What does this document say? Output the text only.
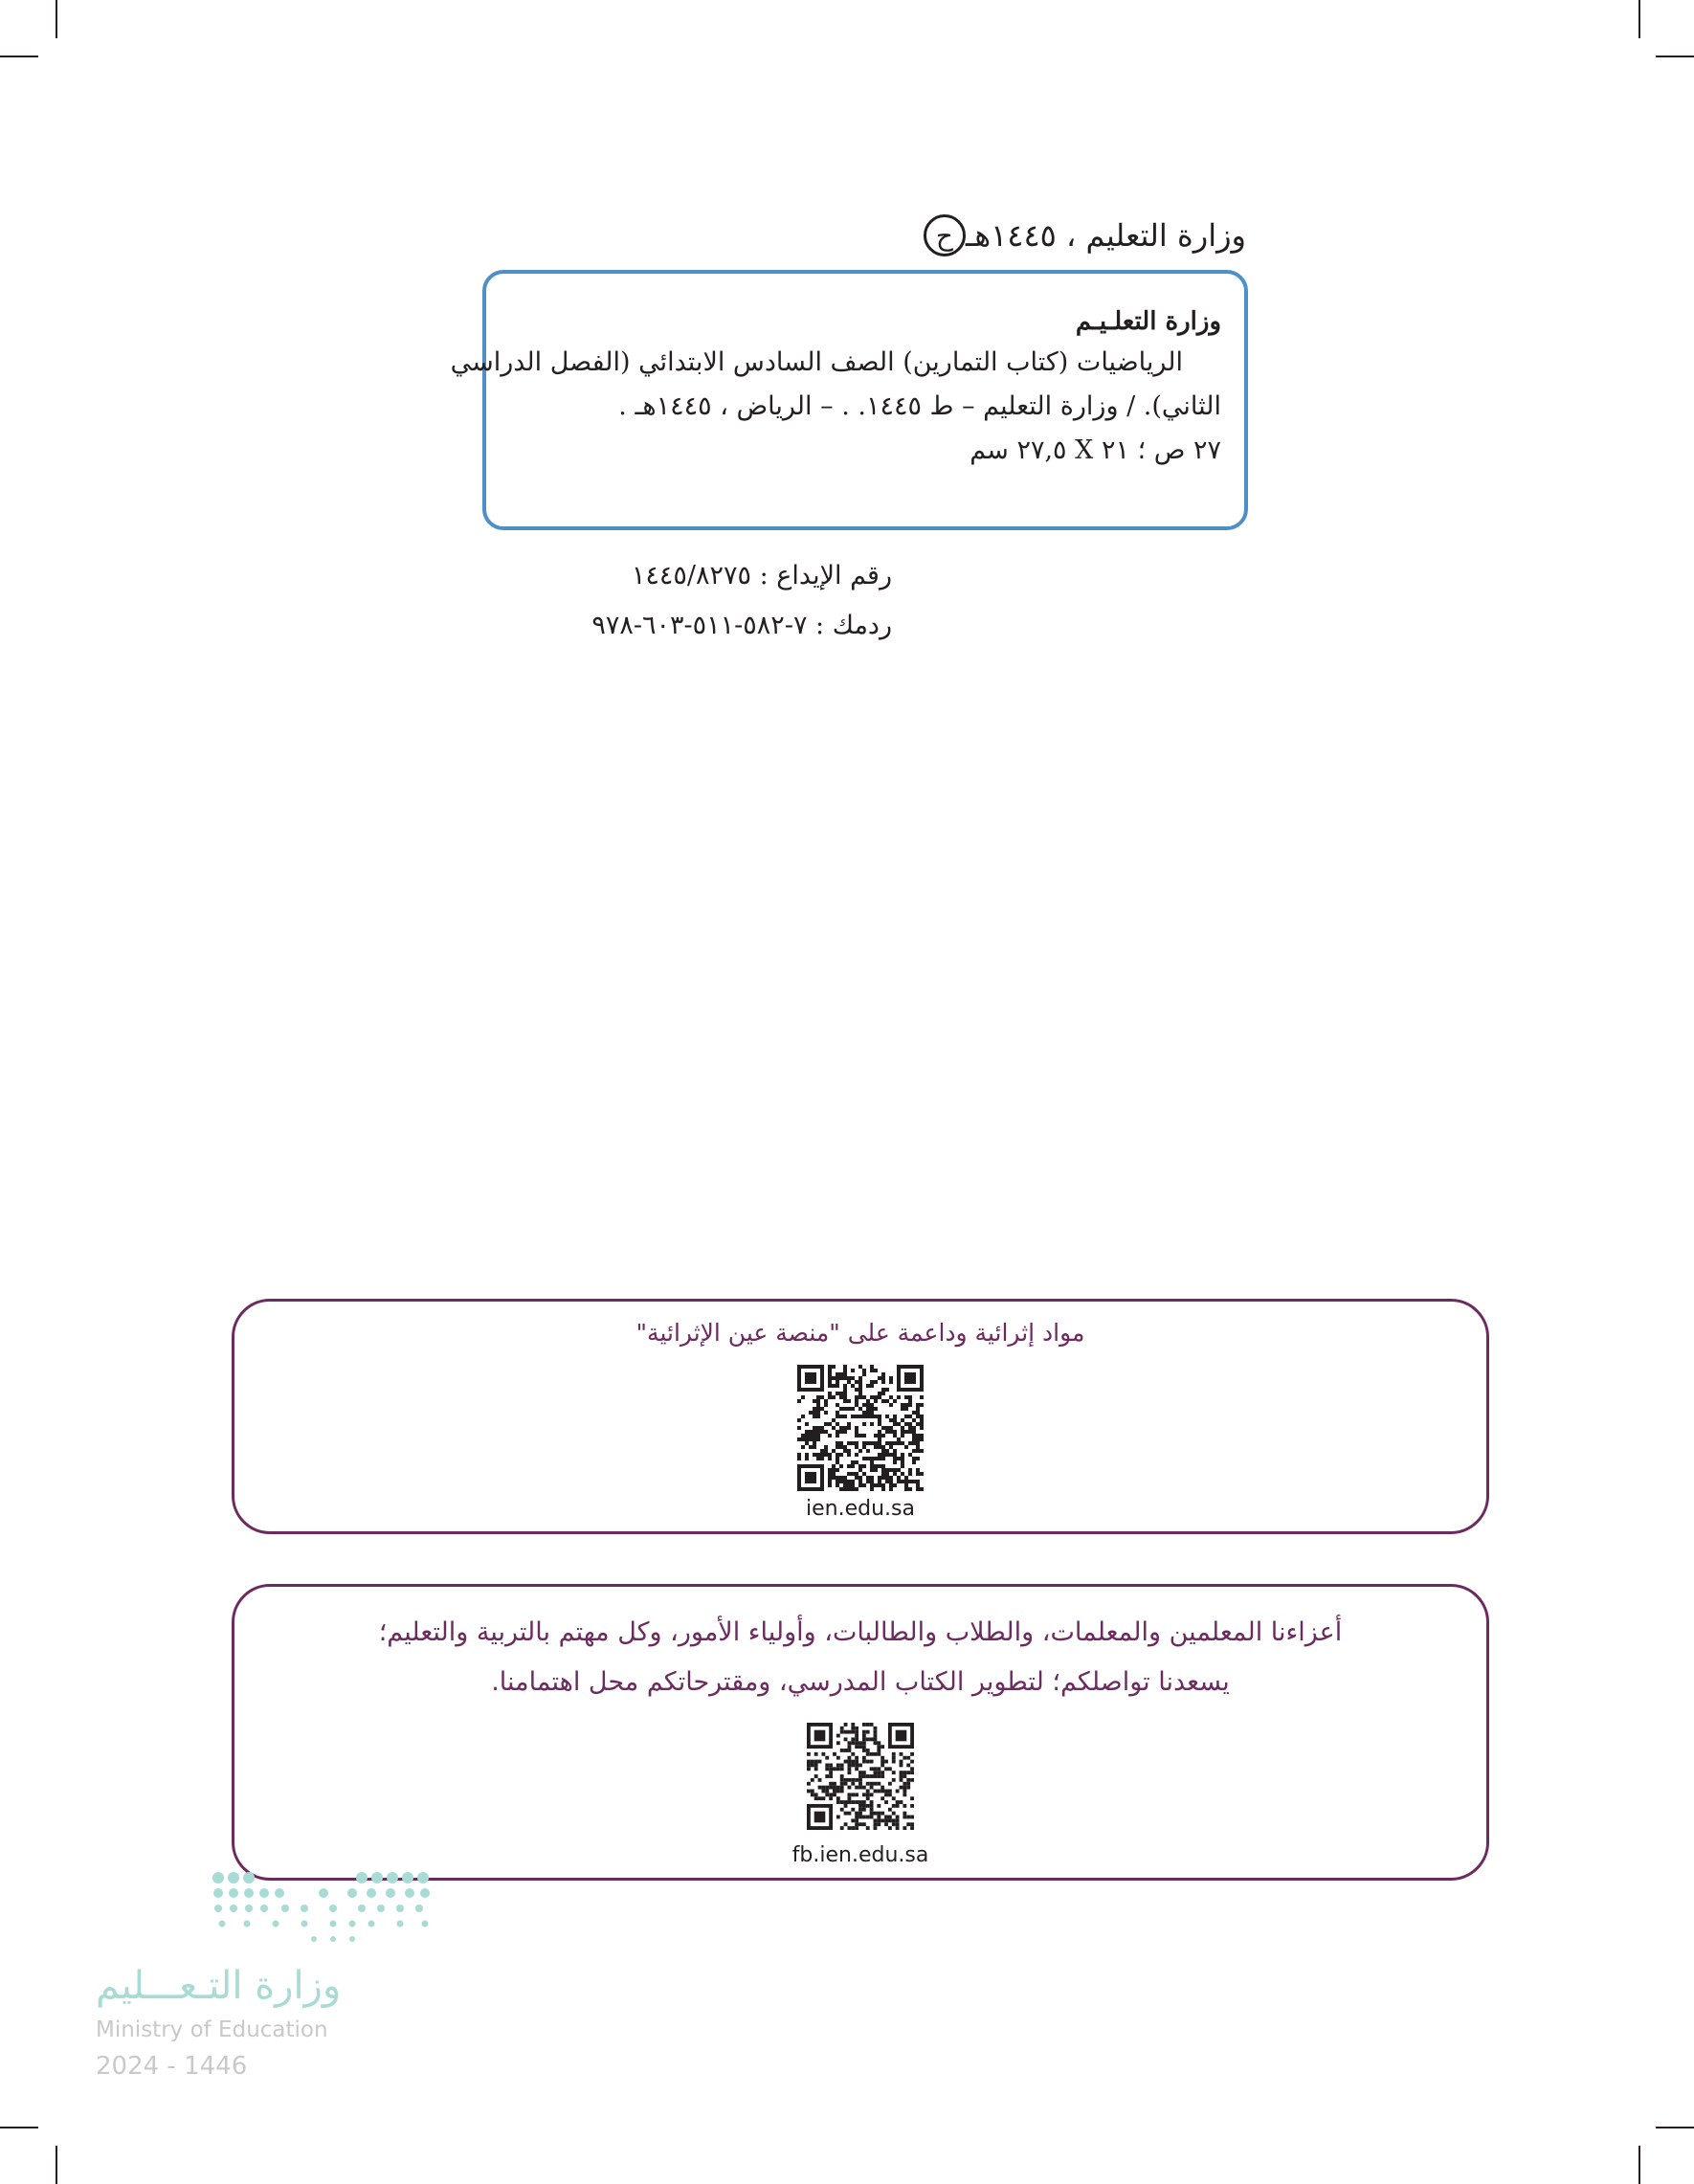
ح وزارة التعليم ، ١٤٤٥هـ
وزارة التعلـيـم
الرياضيات (كتاب التمارين) الصف السادس الابتدائي (الفصل الدراسي
الثاني). / وزارة التعليم – ط ١٤٤٥. . – الرياض ، ١٤٤٥هـ .
٢٧ ص ؛ ٢١ X ٢٧,٥ سم
رقم الإيداع : ١٤٤٥/٨٢٧٥
ردمك : ٧-٥٨٢-٥١١-٦٠٣-٩٧٨
مواد إثرائية وداعمة على "منصة عين الإثرائية"
ien.edu.sa
أعزاءنا المعلمين والمعلمات، والطلاب والطالبات، وأولياء الأمور، وكل مهتم بالتربية والتعليم؛
يسعدنا تواصلكم؛ لتطوير الكتاب المدرسي، ومقترحاتكم محل اهتمامنا.
fb.ien.edu.sa
وزارة التـعـــليم
Ministry of Education
2024 - 1446
